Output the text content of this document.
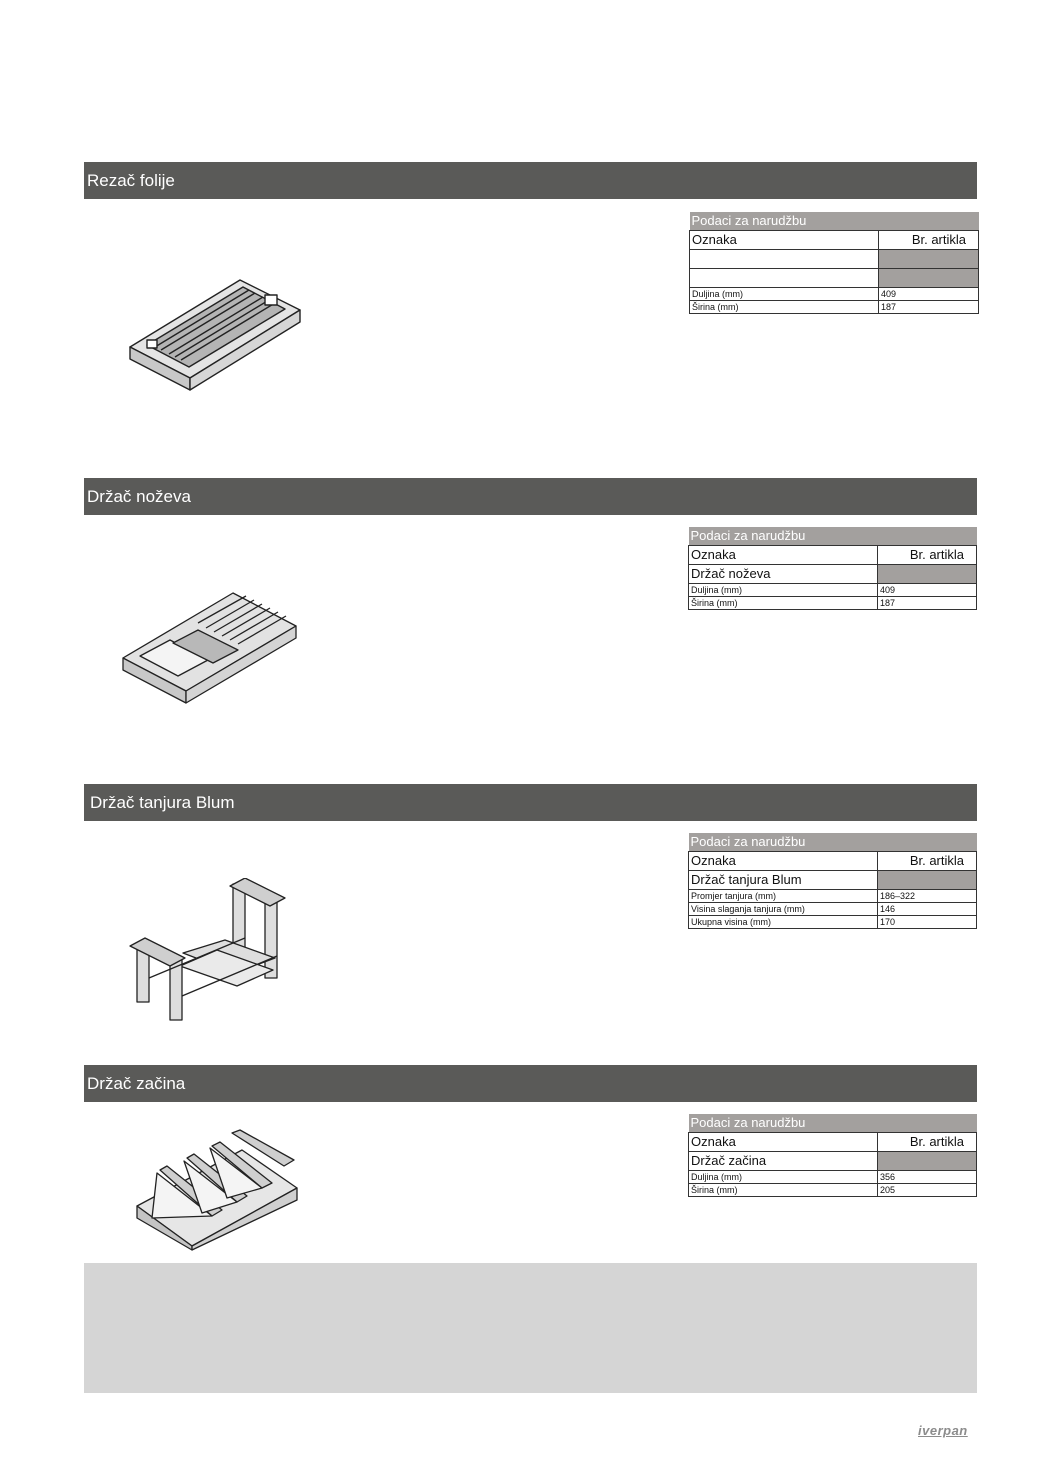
Rezač folije
Podaci za narudžbu	
Oznaka	Br. artikla

Duljina (mm)	409
Širina (mm)	187
Držač noževa
Podaci za narudžbu	
Oznaka	Br. artikla
Držač noževa	
Duljina (mm)	409
Širina (mm)	187
Držač tanjura Blum
Podaci za narudžbu	
Oznaka	Br. artikla
Držač tanjura Blum	
Promjer tanjura (mm)	186–322
Visina slaganja tanjura (mm)	146
Ukupna visina (mm)	170
Držač začina
Podaci za narudžbu	
Oznaka	Br. artikla
Držač začina	
Duljina (mm)	356
Širina (mm)	205
iverpan
